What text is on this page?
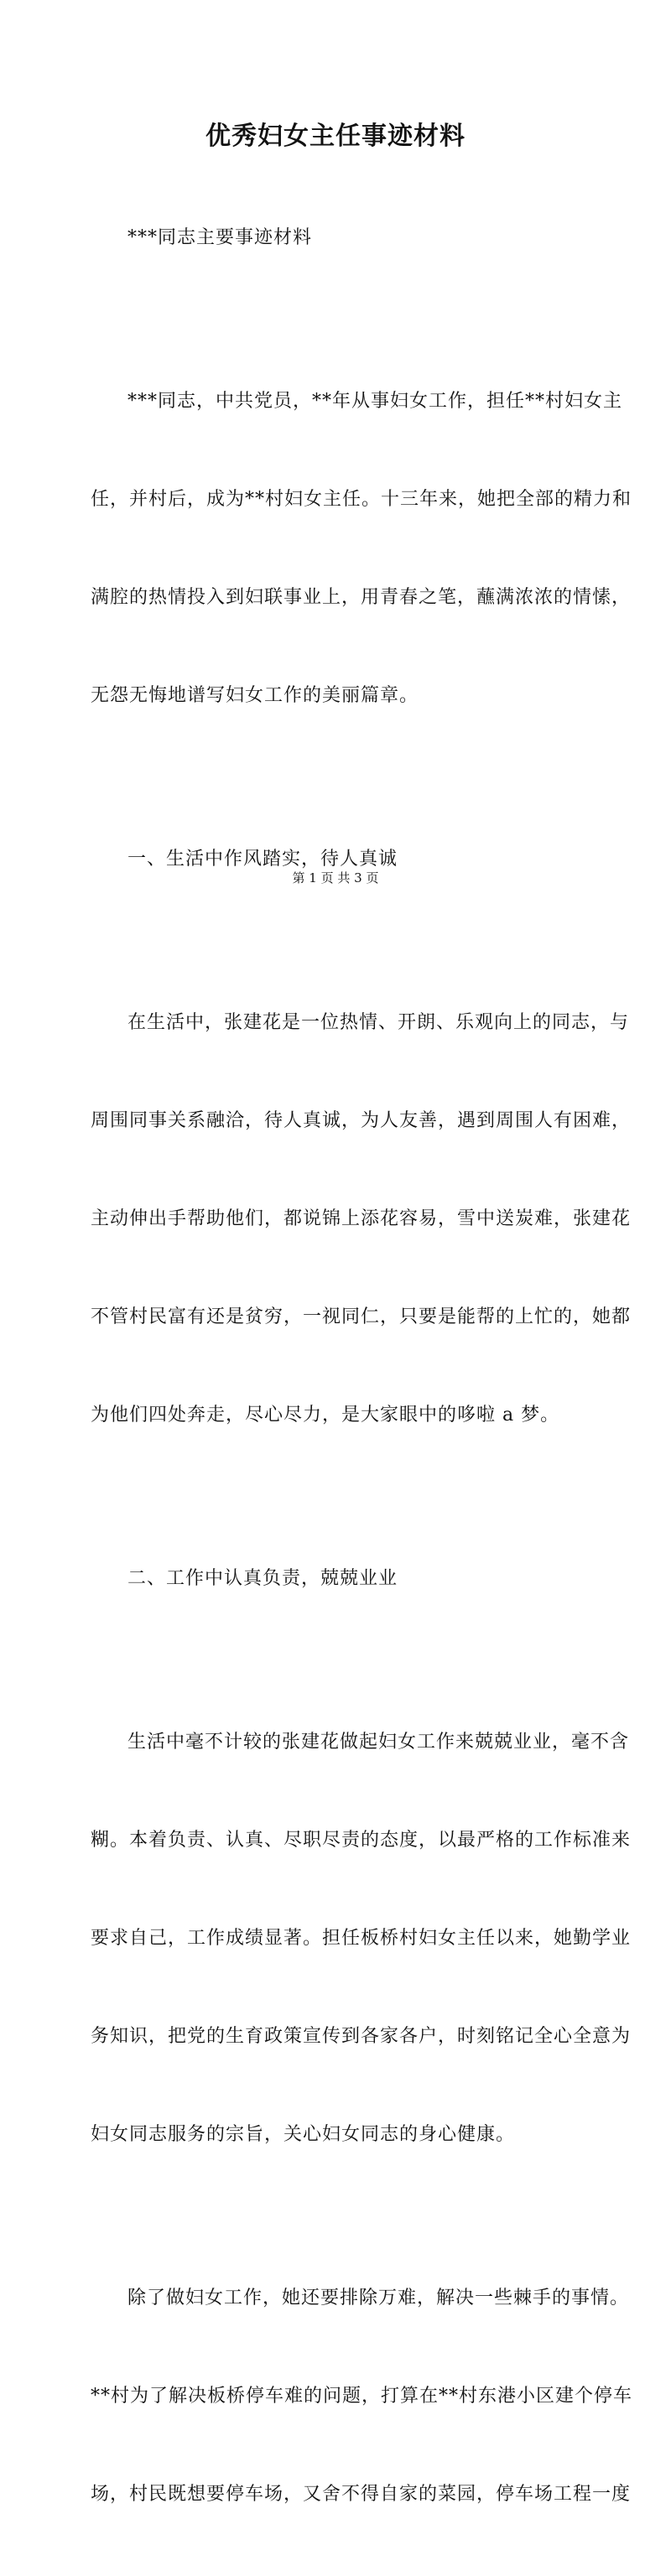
优秀妇女主任事迹材料

***同志主要事迹材料

***同志，中共党员，**年从事妇女工作，担任**村妇女主

任，并村后，成为**村妇女主任。十三年来，她把全部的精力和

满腔的热情投入到妇联事业上，用青春之笔，蘸满浓浓的情愫，

无怨无悔地谱写妇女工作的美丽篇章。

一、生活中作风踏实，待人真诚

在生活中，张建花是一位热情、开朗、乐观向上的同志，与

周围同事关系融洽，待人真诚，为人友善，遇到周围人有困难，

主动伸出手帮助他们，都说锦上添花容易，雪中送炭难，张建花

不管村民富有还是贫穷，一视同仁，只要是能帮的上忙的，她都

为他们四处奔走，尽心尽力，是大家眼中的哆啦 a 梦。

二、工作中认真负责，兢兢业业

生活中毫不计较的张建花做起妇女工作来兢兢业业，毫不含

糊。本着负责、认真、尽职尽责的态度，以最严格的工作标准来

要求自己，工作成绩显著。担任板桥村妇女主任以来，她勤学业

务知识，把党的生育政策宣传到各家各户，时刻铭记全心全意为

妇女同志服务的宗旨，关心妇女同志的身心健康。

除了做妇女工作，她还要排除万难，解决一些棘手的事情。

**村为了解决板桥停车难的问题，打算在**村东港小区建个停车

场，村民既想要停车场，又舍不得自家的菜园，停车场工程一度

第 1 页 共 3 页
